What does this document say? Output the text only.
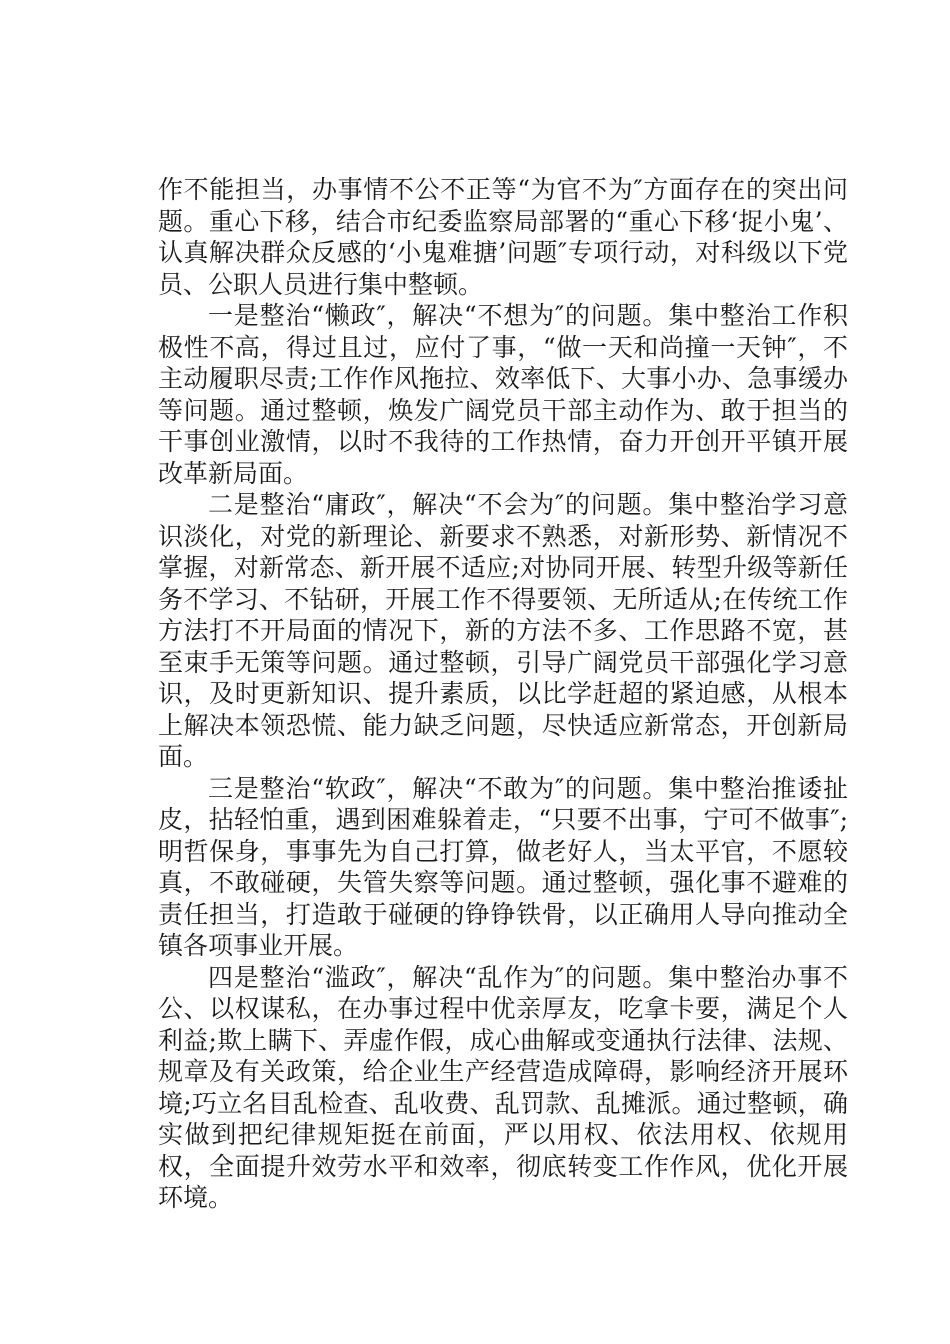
作不能担当，办事情不公不正等“为官不为″方面存在的突出问题。重心下移，结合市纪委监察局部署的“重心下移‘捉小鬼’、认真解决群众反感的‘小鬼难搪’问题″专项行动，对科级以下党员、公职人员进行集中整顿。

一是整治“懒政″，解决“不想为″的问题。集中整治工作积极性不高，得过且过，应付了事，“做一天和尚撞一天钟″，不主动履职尽责;工作作风拖拉、效率低下、大事小办、急事缓办等问题。通过整顿，焕发广阔党员干部主动作为、敢于担当的干事创业激情，以时不我待的工作热情，奋力开创开平镇开展改革新局面。

二是整治“庸政″，解决“不会为″的问题。集中整治学习意识淡化，对党的新理论、新要求不熟悉，对新形势、新情况不掌握，对新常态、新开展不适应;对协同开展、转型升级等新任务不学习、不钻研，开展工作不得要领、无所适从;在传统工作方法打不开局面的情况下，新的方法不多、工作思路不宽，甚至束手无策等问题。通过整顿，引导广阔党员干部强化学习意识，及时更新知识、提升素质，以比学赶超的紧迫感，从根本上解决本领恐慌、能力缺乏问题，尽快适应新常态，开创新局面。

三是整治“软政″，解决“不敢为″的问题。集中整治推诿扯皮，拈轻怕重，遇到困难躲着走，“只要不出事，宁可不做事″;明哲保身，事事先为自己打算，做老好人，当太平官，不愿较真，不敢碰硬，失管失察等问题。通过整顿，强化事不避难的责任担当，打造敢于碰硬的铮铮铁骨，以正确用人导向推动全镇各项事业开展。

四是整治“滥政″，解决“乱作为″的问题。集中整治办事不公、以权谋私，在办事过程中优亲厚友，吃拿卡要，满足个人利益;欺上瞒下、弄虚作假，成心曲解或变通执行法律、法规、规章及有关政策，给企业生产经营造成障碍，影响经济开展环境;巧立名目乱检查、乱收费、乱罚款、乱摊派。通过整顿，确实做到把纪律规矩挺在前面，严以用权、依法用权、依规用权，全面提升效劳水平和效率，彻底转变工作作风，优化开展环境。
